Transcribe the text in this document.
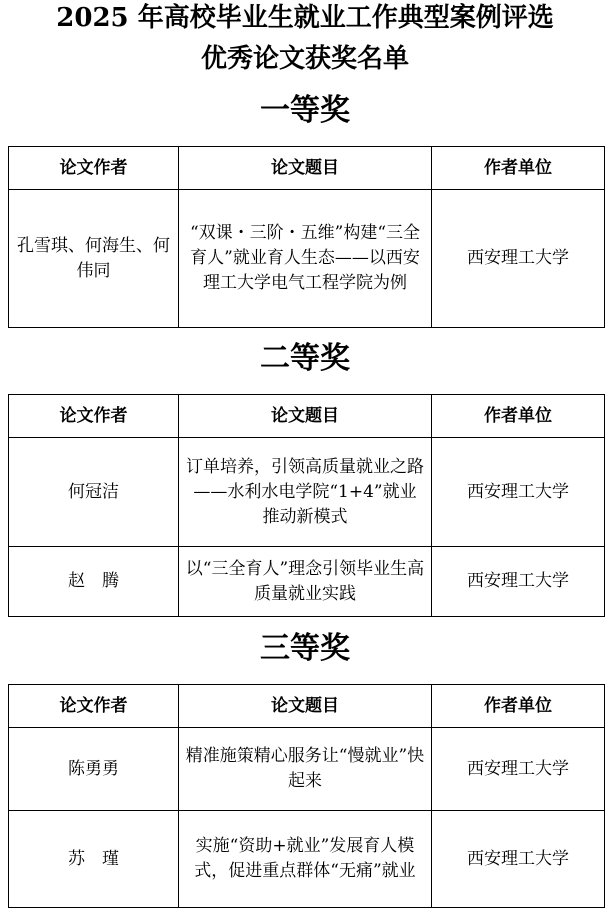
2025 年高校毕业生就业工作典型案例评选
优秀论文获奖名单
一等奖
论文作者	论文题目	作者单位
孔雪琪、何海生、何伟同	“双课・三阶・五维”构建“三全育人”就业育人生态——以西安理工大学电气工程学院为例	西安理工大学
二等奖
论文作者	论文题目	作者单位
何冠洁	订单培养，引领高质量就业之路——水利水电学院“1+4”就业推动新模式	西安理工大学
赵　腾	以“三全育人”理念引领毕业生高质量就业实践	西安理工大学
三等奖
论文作者	论文题目	作者单位
陈勇勇	精准施策精心服务让“慢就业”快起来	西安理工大学
苏　瑾	实施“资助+就业”发展育人模式，促进重点群体“无痛”就业	西安理工大学
